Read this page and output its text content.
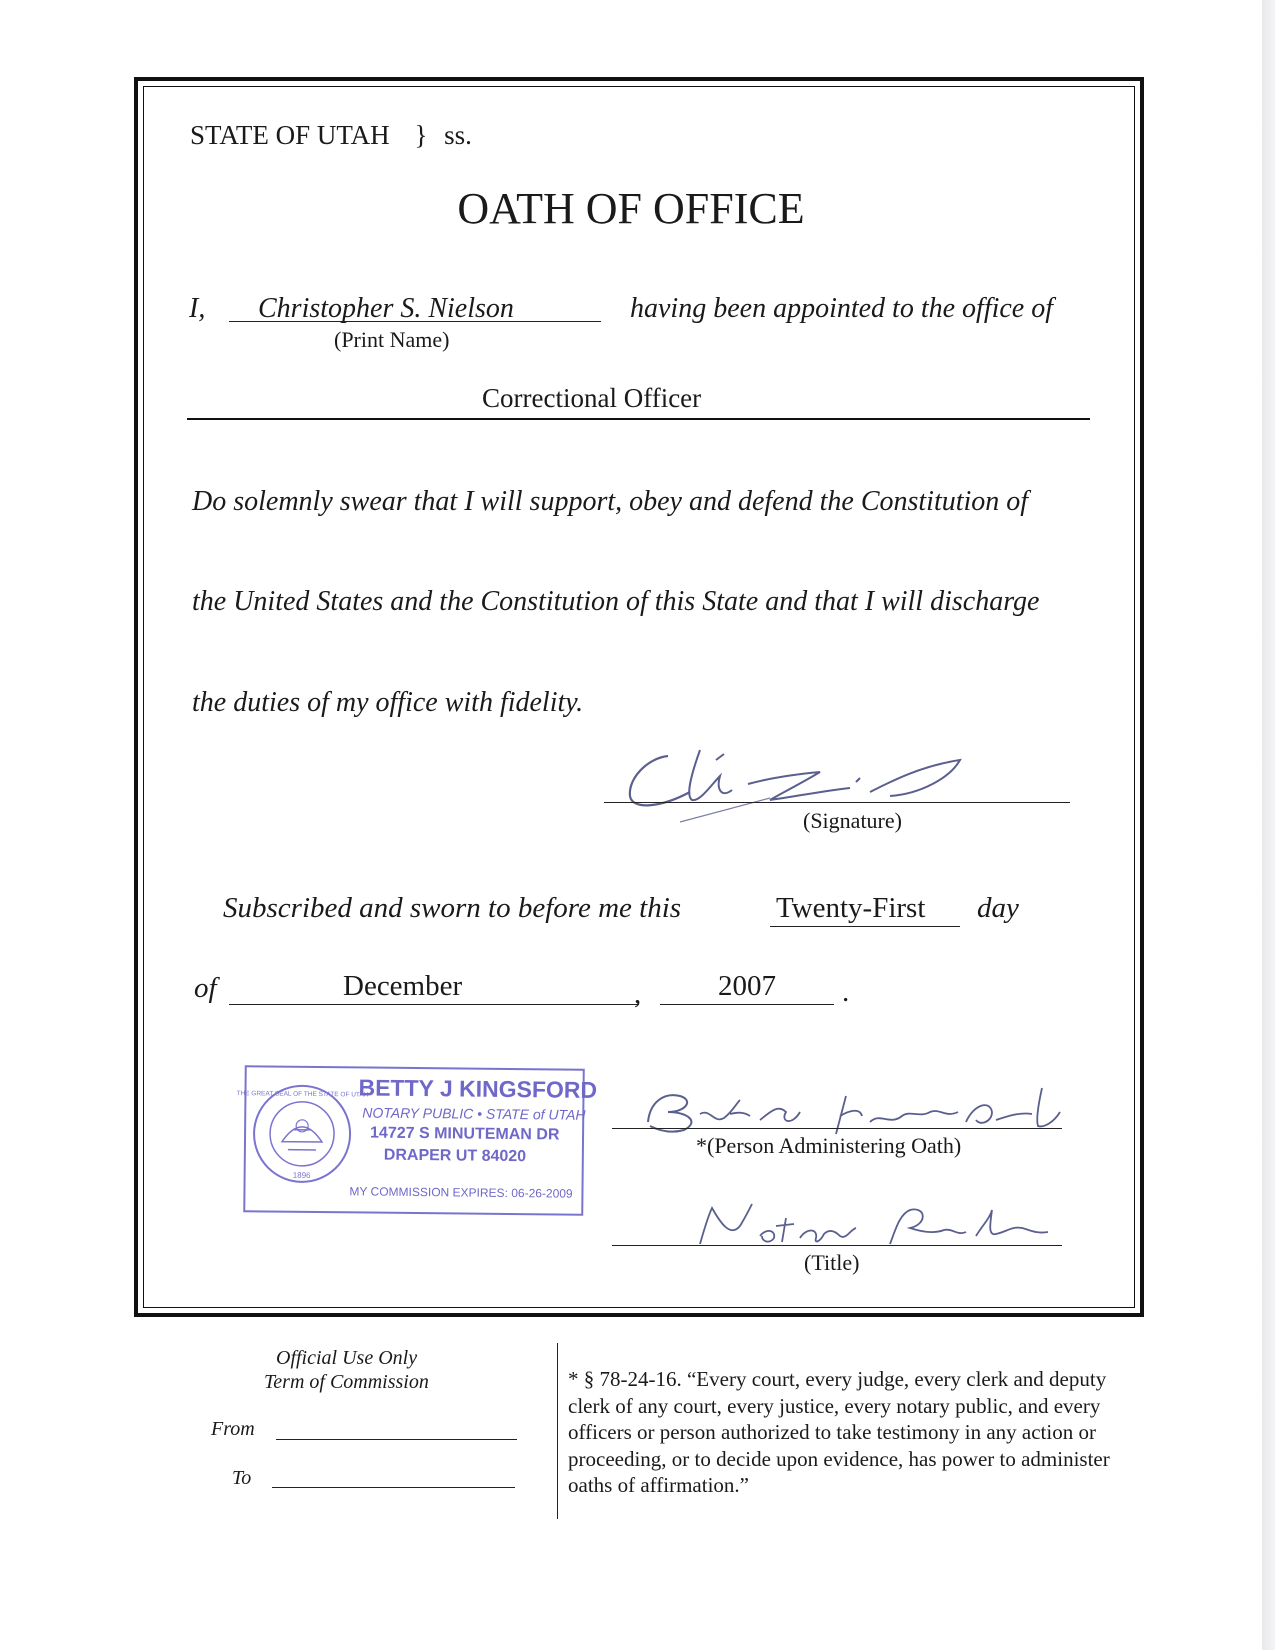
STATE OF UTAH } ss.
OATH OF OFFICE
I, Christopher S. Nielson
(Print Name)
having been appointed to the office of
Correctional Officer
Do solemnly swear that I will support, obey and defend the Constitution of
the United States and the Constitution of this State and that I will discharge
the duties of my office with fidelity.
(Signature)
Subscribed and sworn to before me this	Twenty-First day
of	December	,	2007 .
1896
THE GREAT SEAL OF THE STATE OF UTAH
BETTY J KINGSFORD
NOTARY PUBLIC • STATE of UTAH
14727 S MINUTEMAN DR
DRAPER UT 84020
MY COMMISSION EXPIRES: 06-26-2009
*(Person Administering Oath)
(Title)
Official Use Only
Term of Commission
From
To
* § 78-24-16. “Every court, every judge, every clerk and deputy clerk of any court, every justice, every notary public, and every officers or person authorized to take testimony in any action or proceeding, or to decide upon evidence, has power to administer oaths of affirmation.”
